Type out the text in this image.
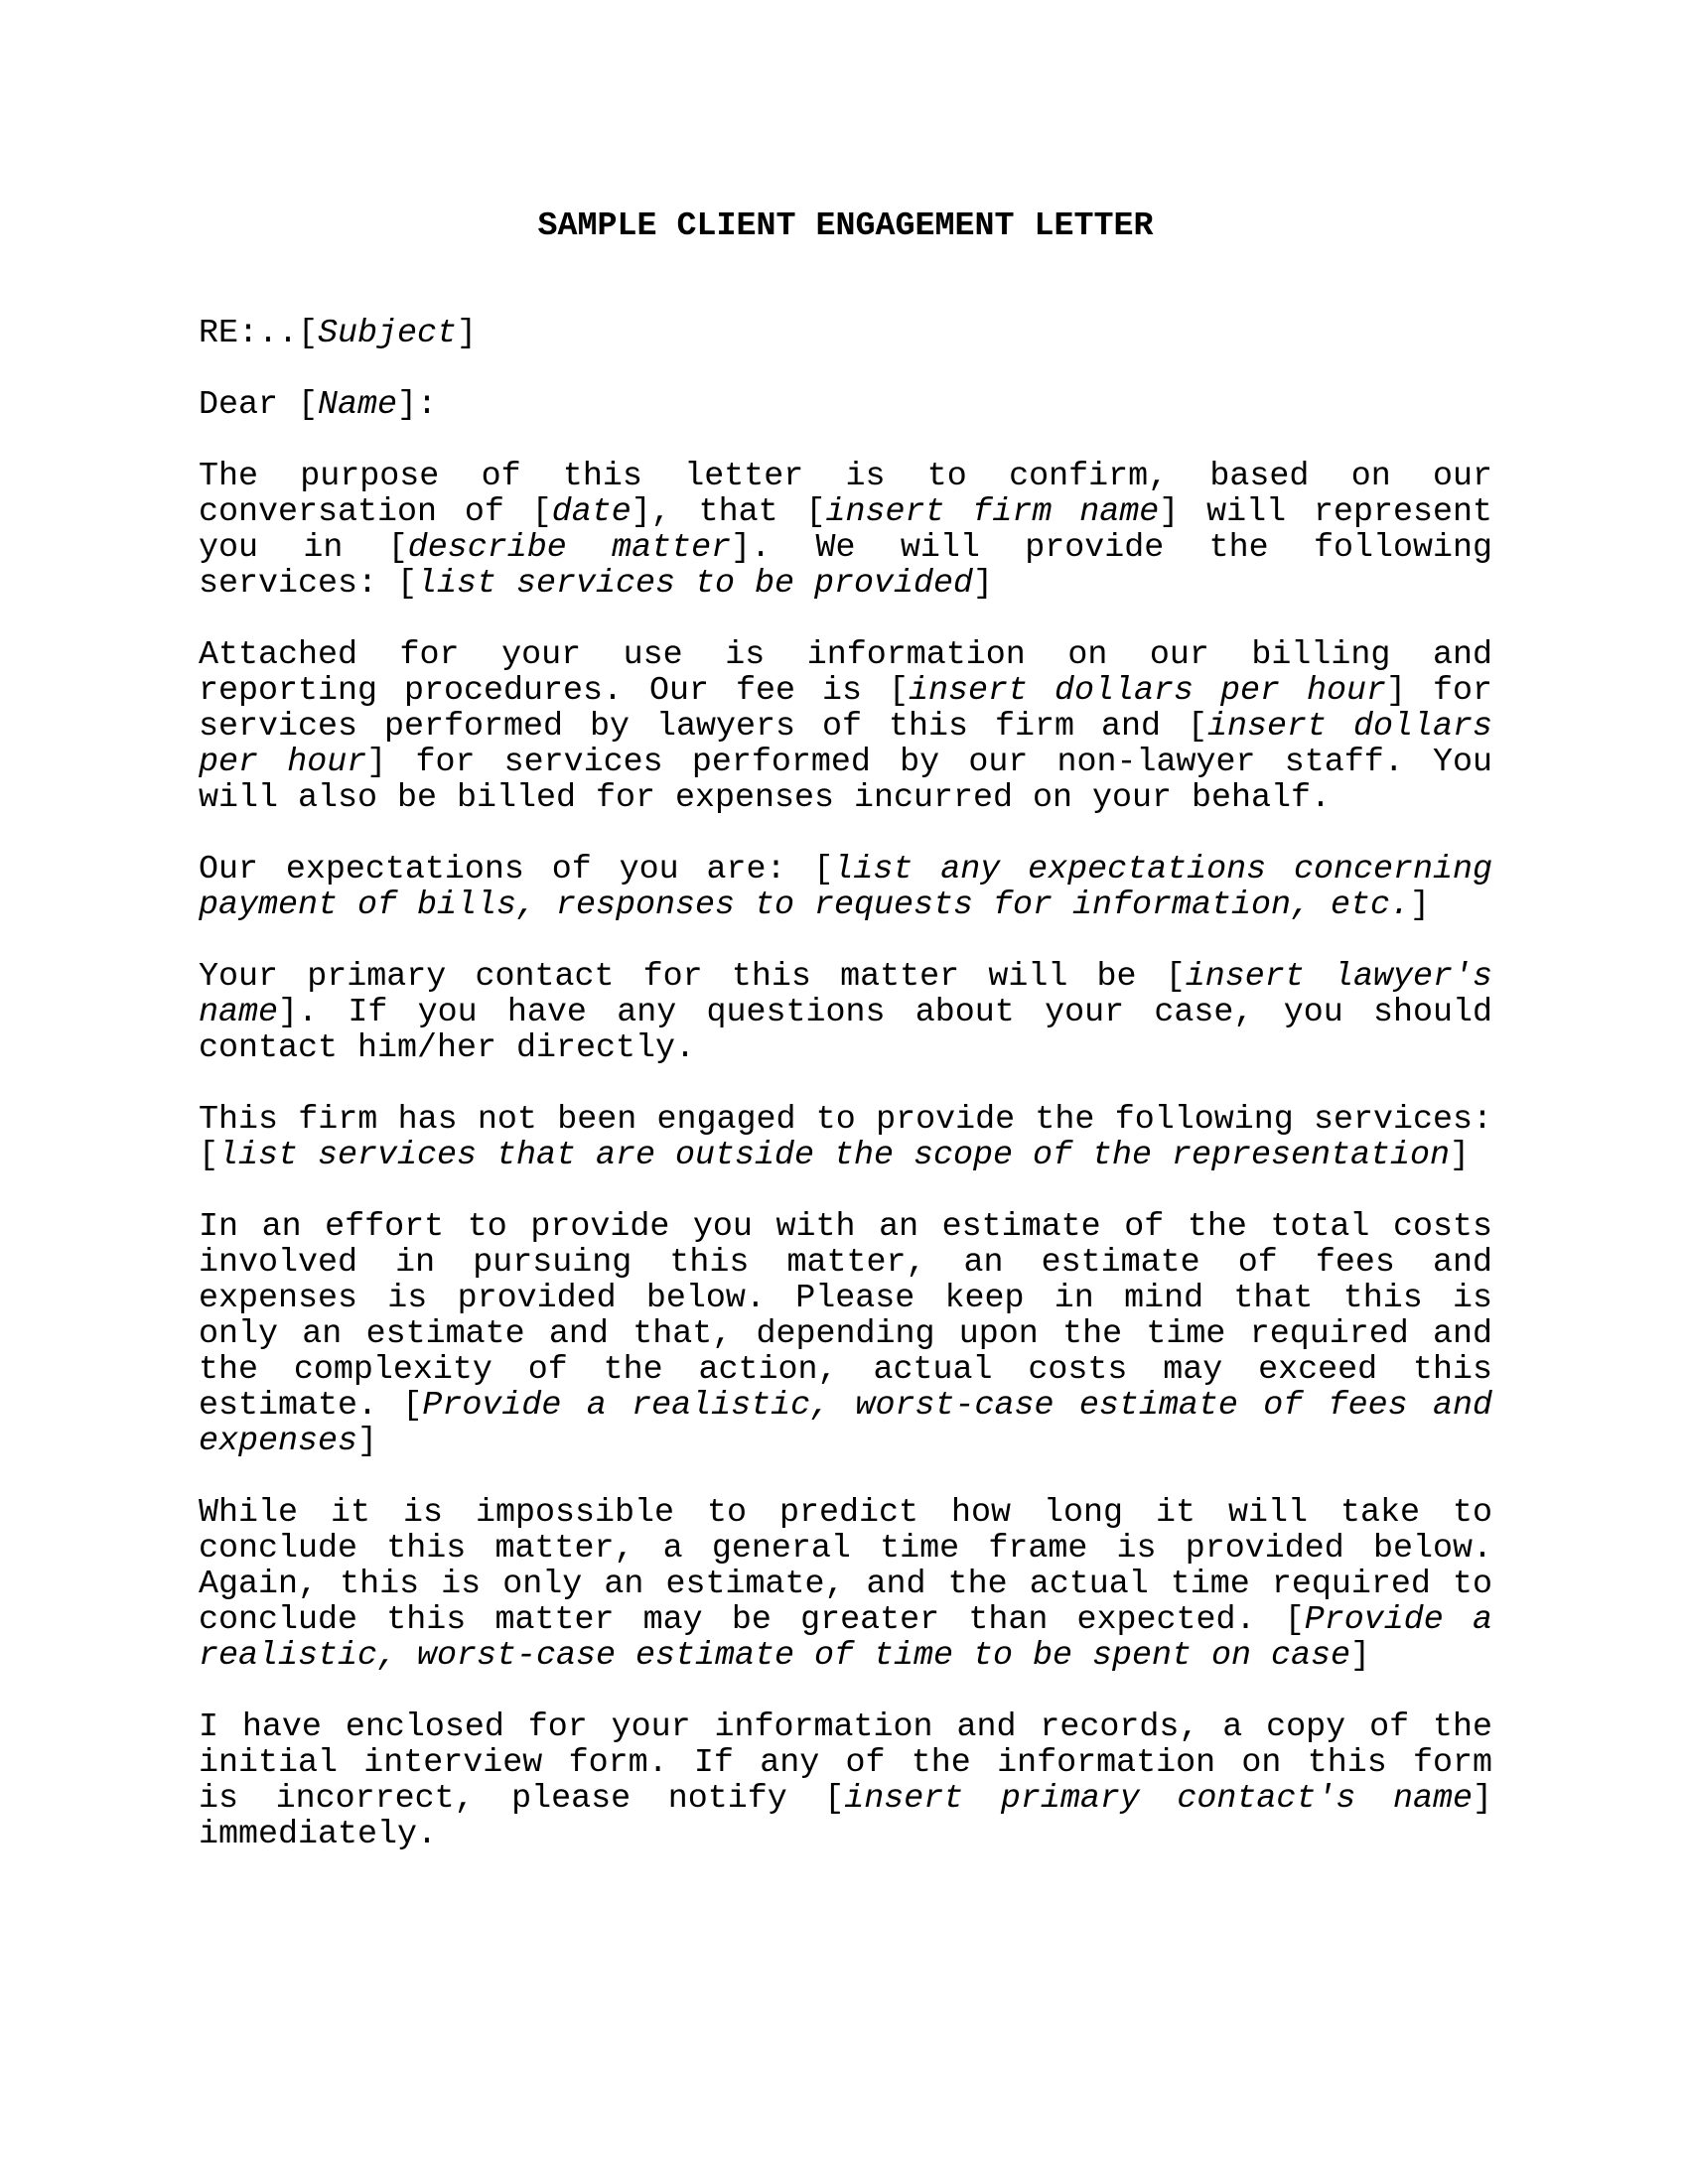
SAMPLE CLIENT ENGAGEMENT LETTER
RE:..[Subject]
Dear [Name]:
The purpose of this letter is to confirm, based on our
conversation of [date], that [insert firm name] will represent
you in [describe matter]. We will provide the following
services: [list services to be provided]
Attached for your use is information on our billing and
reporting procedures. Our fee is [insert dollars per hour] for
services performed by lawyers of this firm and [insert dollars
per hour] for services performed by our non-lawyer staff. You
will also be billed for expenses incurred on your behalf.
Our expectations of you are: [list any expectations concerning
payment of bills, responses to requests for information, etc.]
Your primary contact for this matter will be [insert lawyer's
name]. If you have any questions about your case, you should
contact him/her directly.
This firm has not been engaged to provide the following services:
[list services that are outside the scope of the representation]
In an effort to provide you with an estimate of the total costs
involved in pursuing this matter, an estimate of fees and
expenses is provided below. Please keep in mind that this is
only an estimate and that, depending upon the time required and
the complexity of the action, actual costs may exceed this
estimate. [Provide a realistic, worst-case estimate of fees and
expenses]
While it is impossible to predict how long it will take to
conclude this matter, a general time frame is provided below.
Again, this is only an estimate, and the actual time required to
conclude this matter may be greater than expected. [Provide a
realistic, worst-case estimate of time to be spent on case]
I have enclosed for your information and records, a copy of the
initial interview form. If any of the information on this form
is incorrect, please notify [insert primary contact's name]
immediately.
